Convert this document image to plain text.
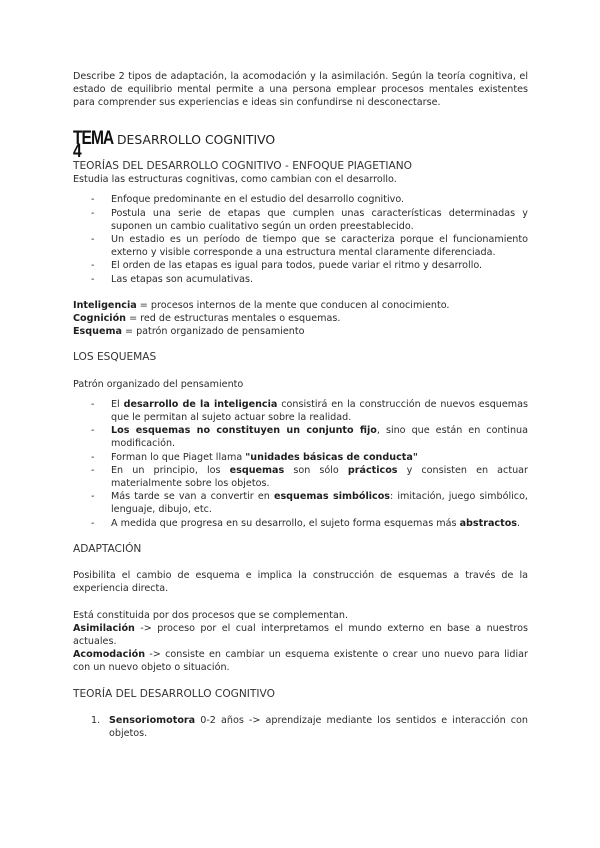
Describe 2 tipos de adaptación, la acomodación y la asimilación. Según la teoría cognitiva, el estado de equilibrio mental permite a una persona emplear procesos mentales existentes para comprender sus experiencias e ideas sin confundirse ni desconectarse.

TEMA 4
DESARROLLO COGNITIVO

TEORÍAS DEL DESARROLLO COGNITIVO - ENFOQUE PIAGETIANO

Estudia las estructuras cognitivas, como cambian con el desarrollo.

- Enfoque predominante en el estudio del desarrollo cognitivo.
- Postula una serie de etapas que cumplen unas características determinadas y suponen un cambio cualitativo según un orden preestablecido.
- Un estadio es un período de tiempo que se caracteriza porque el funcionamiento externo y visible corresponde a una estructura mental claramente diferenciada.
- El orden de las etapas es igual para todos, puede variar el ritmo y desarrollo.
- Las etapas son acumulativas.

Inteligencia = procesos internos de la mente que conducen al conocimiento.

Cognición = red de estructuras mentales o esquemas.

Esquema = patrón organizado de pensamiento

LOS ESQUEMAS

Patrón organizado del pensamiento

- El desarrollo de la inteligencia consistirá en la construcción de nuevos esquemas que le permitan al sujeto actuar sobre la realidad.
- Los esquemas no constituyen un conjunto fijo, sino que están en continua modificación.
- Forman lo que Piaget llama "unidades básicas de conducta"
- En un principio, los esquemas son sólo prácticos y consisten en actuar materialmente sobre los objetos.
- Más tarde se van a convertir en esquemas simbólicos: imitación, juego simbólico, lenguaje, dibujo, etc.
- A medida que progresa en su desarrollo, el sujeto forma esquemas más abstractos.

ADAPTACIÓN

Posibilita el cambio de esquema e implica la construcción de esquemas a través de la experiencia directa.

Está constituida por dos procesos que se complementan.

Asimilación -> proceso por el cual interpretamos el mundo externo en base a nuestros actuales.

Acomodación -> consiste en cambiar un esquema existente o crear uno nuevo para lidiar con un nuevo objeto o situación.

TEORÍA DEL DESARROLLO COGNITIVO

1. Sensoriomotora 0-2 años -> aprendizaje mediante los sentidos e interacción con objetos.
